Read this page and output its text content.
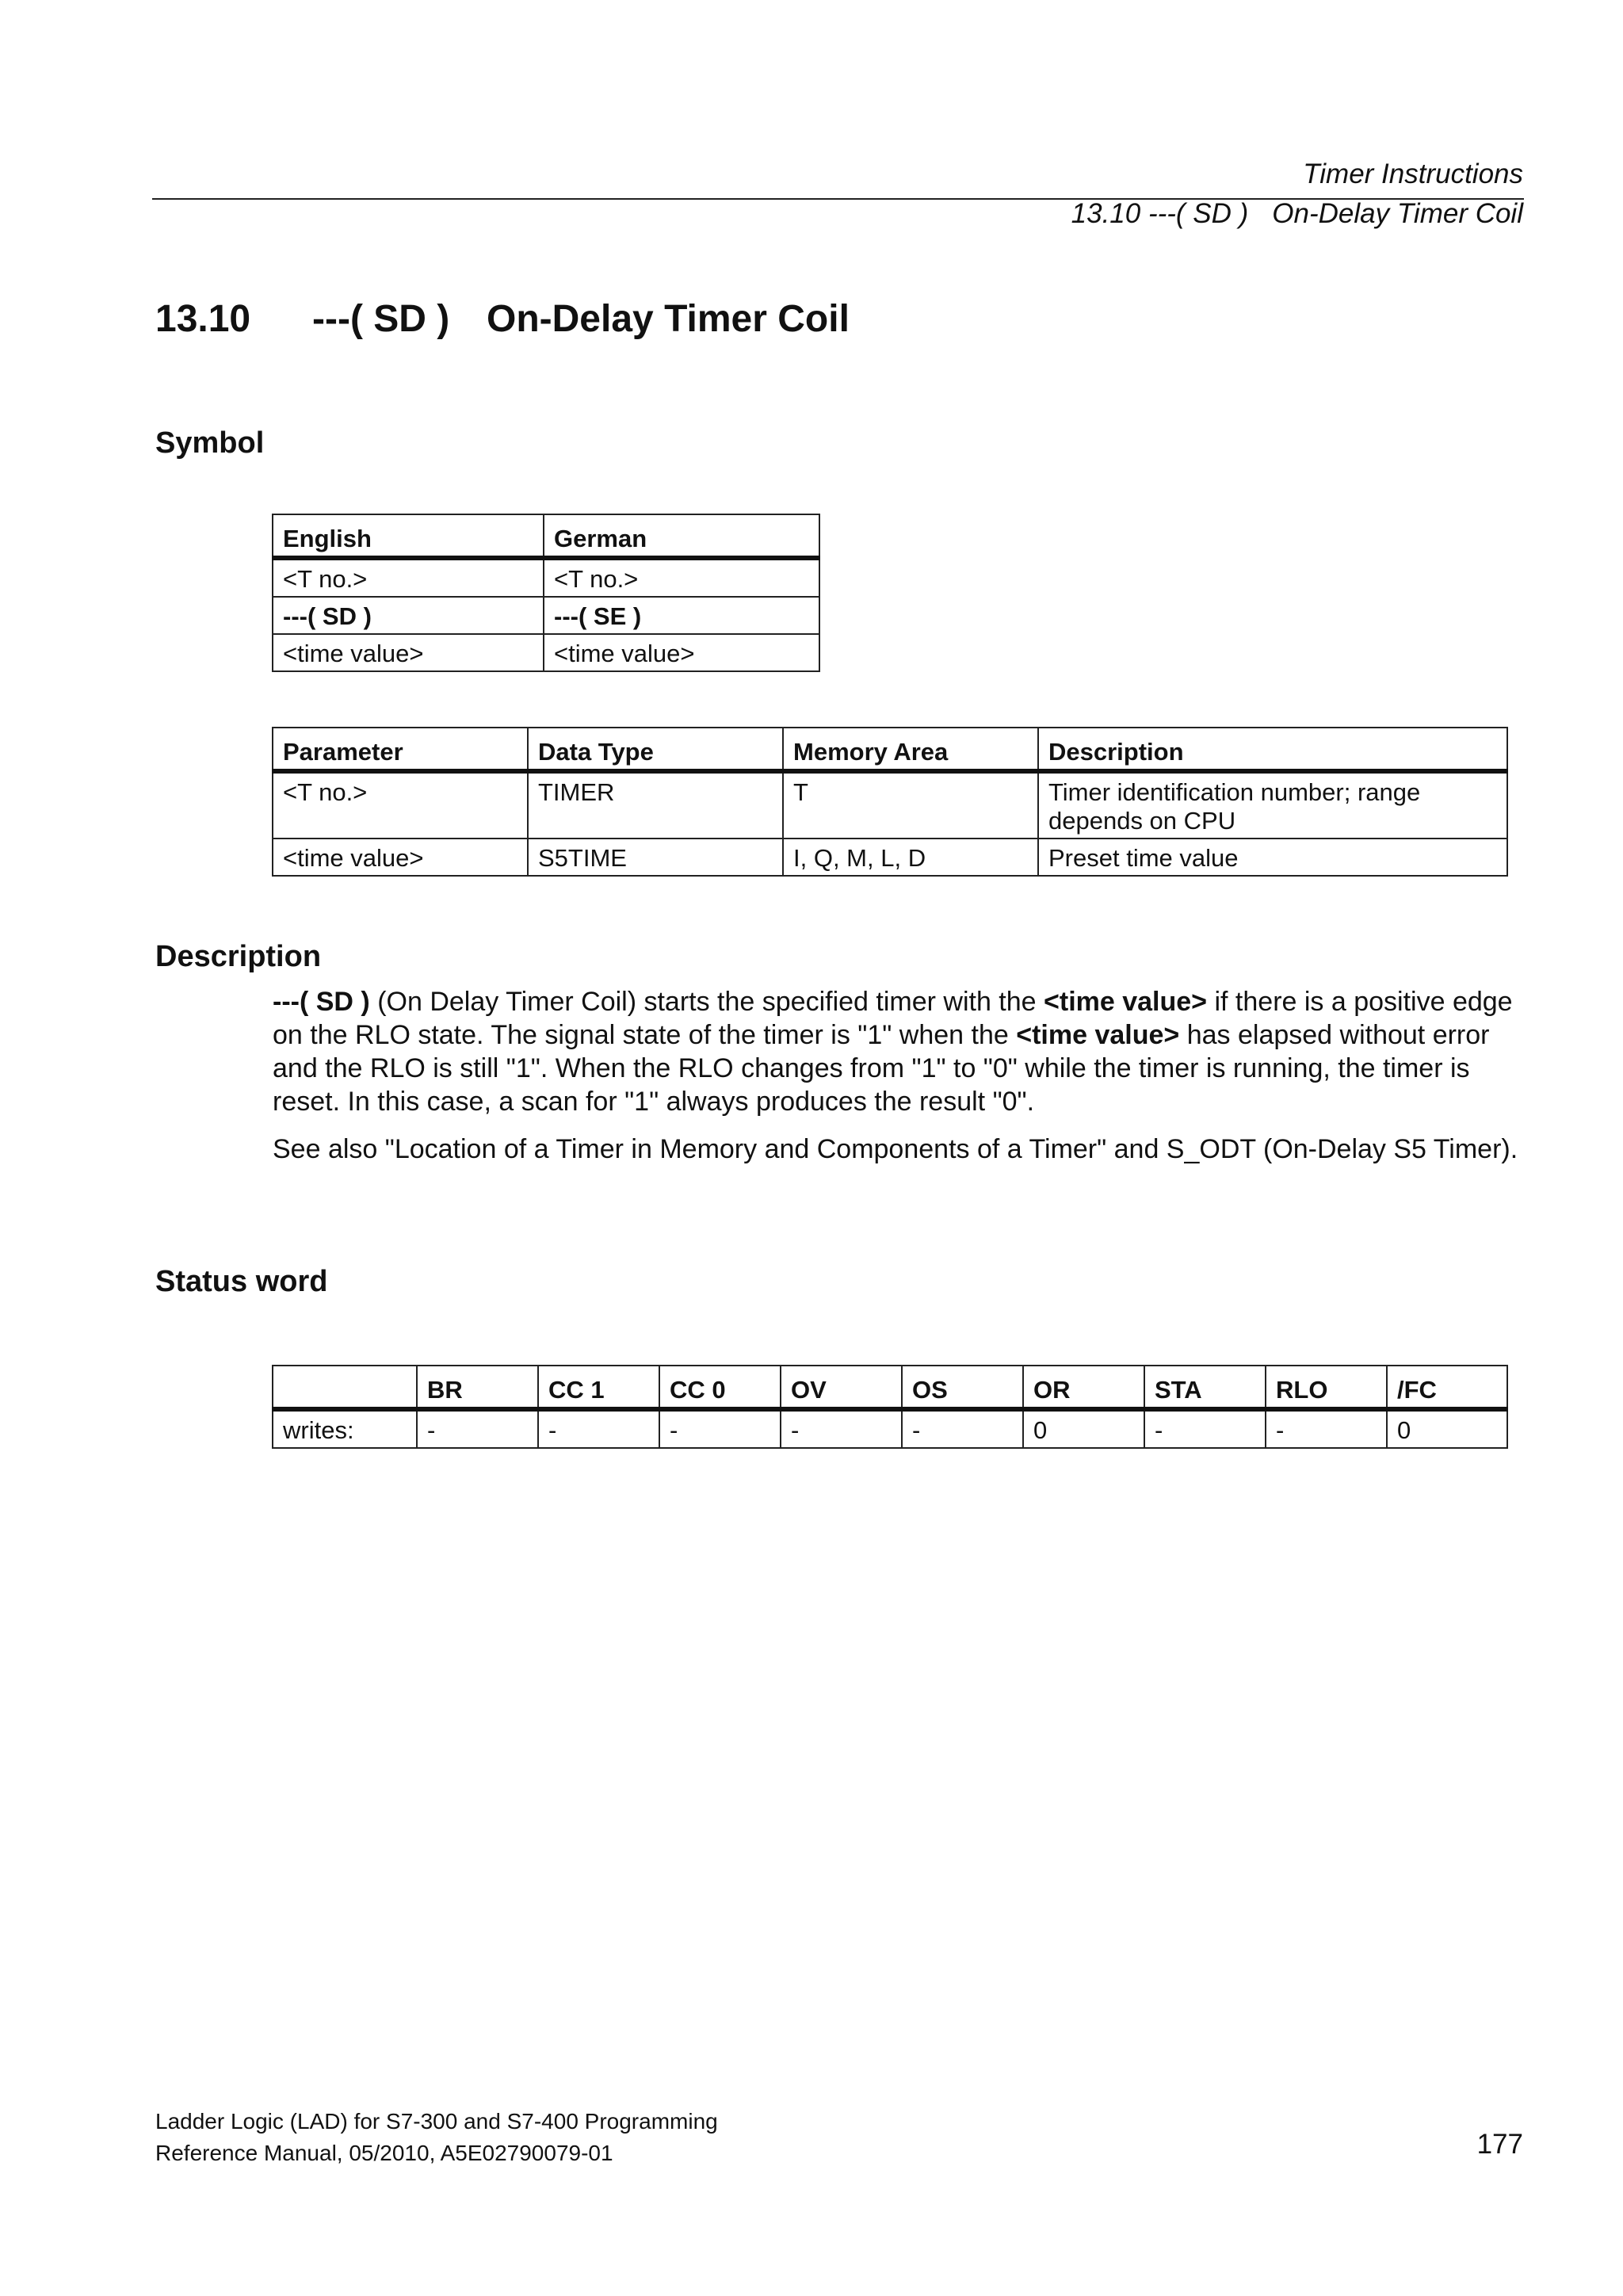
Timer Instructions
13.10 ---( SD ) On-Delay Timer Coil
13.10 ---( SD ) On-Delay Timer Coil
Symbol
English	German
<T no.>	<T no.>
---( SD )	---( SE )
<time value>	<time value>
Parameter	Data Type	Memory Area	Description
<T no.>	TIMER	T	Timer identification number; range depends on CPU
<time value>	S5TIME	I, Q, M, L, D	Preset time value
Description

---( SD ) (On Delay Timer Coil) starts the specified timer with the <time value> if there is a positive edge on the RLO state. The signal state of the timer is "1" when the <time value> has elapsed without error and the RLO is still "1". When the RLO changes from "1" to "0" while the timer is running, the timer is reset. In this case, a scan for "1" always produces the result "0".

See also "Location of a Timer in Memory and Components of a Timer" and S_ODT (On-Delay S5 Timer).

Status word
	BR	CC 1	CC 0	OV	OS	OR	STA	RLO	/FC
writes:	-	-	-	-	-	0	-	-	0
Ladder Logic (LAD) for S7-300 and S7-400 Programming
Reference Manual, 05/2010, A5E02790079-01	177
